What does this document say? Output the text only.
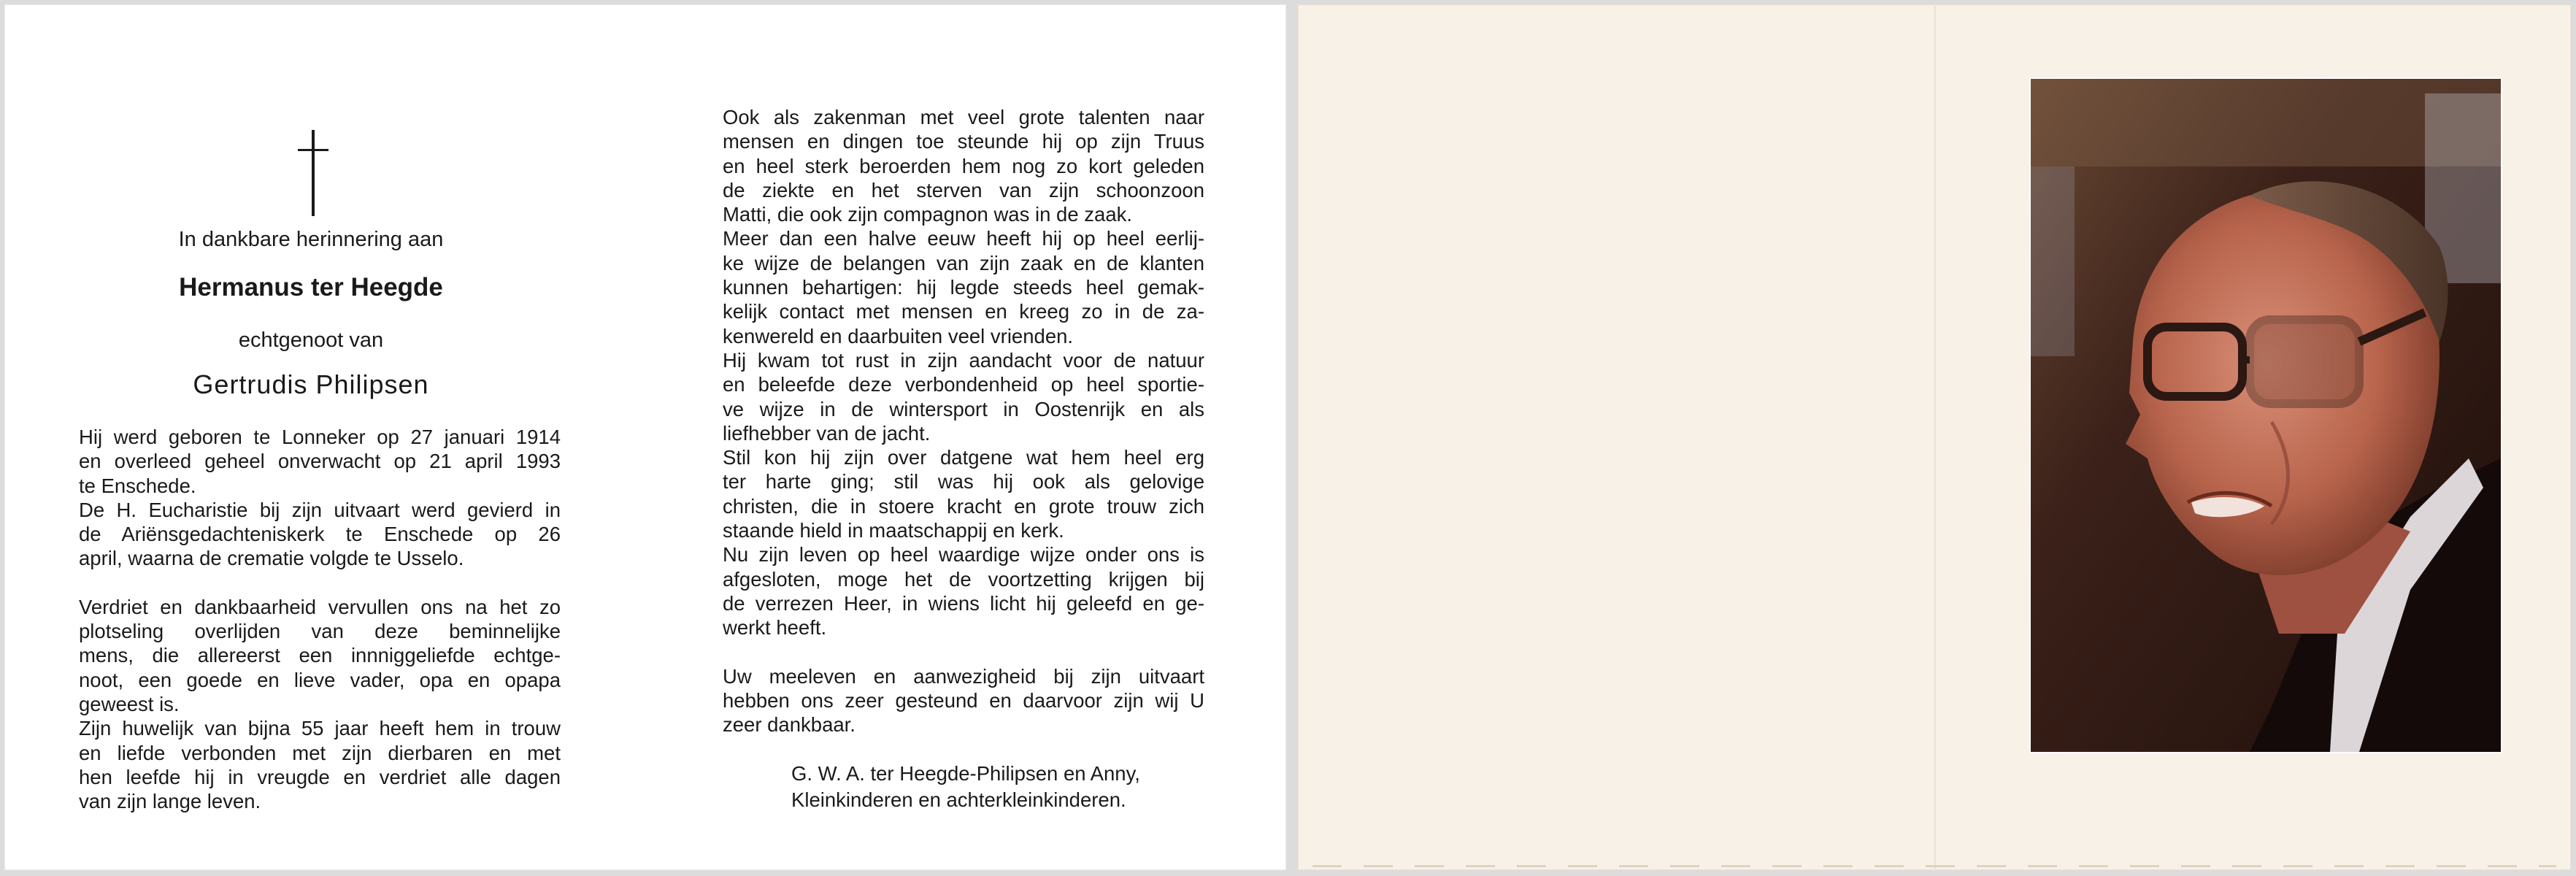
In dankbare herinnering aan
Hermanus ter Heegde
echtgenoot van
Gertrudis Philipsen
Hij werd geboren te Lonneker op 27 januari 1914
en overleed geheel onverwacht op 21 april 1993
te Enschede.
De H. Eucharistie bij zijn uitvaart werd gevierd in
de Ariënsgedachteniskerk te Enschede op 26
april, waarna de crematie volgde te Usselo.
Verdriet en dankbaarheid vervullen ons na het zo
plotseling overlijden van deze beminnelijke
mens, die allereerst een innniggeliefde echtge-
noot, een goede en lieve vader, opa en opapa
geweest is.
Zijn huwelijk van bijna 55 jaar heeft hem in trouw
en liefde verbonden met zijn dierbaren en met
hen leefde hij in vreugde en verdriet alle dagen
van zijn lange leven.
Ook als zakenman met veel grote talenten naar
mensen en dingen toe steunde hij op zijn Truus
en heel sterk beroerden hem nog zo kort geleden
de ziekte en het sterven van zijn schoonzoon
Matti, die ook zijn compagnon was in de zaak.
Meer dan een halve eeuw heeft hij op heel eerlij-
ke wijze de belangen van zijn zaak en de klanten
kunnen behartigen: hij legde steeds heel gemak-
kelijk contact met mensen en kreeg zo in de za-
kenwereld en daarbuiten veel vrienden.
Hij kwam tot rust in zijn aandacht voor de natuur
en beleefde deze verbondenheid op heel sportie-
ve wijze in de wintersport in Oostenrijk en als
liefhebber van de jacht.
Stil kon hij zijn over datgene wat hem heel erg
ter harte ging; stil was hij ook als gelovige
christen, die in stoere kracht en grote trouw zich
staande hield in maatschappij en kerk.
Nu zijn leven op heel waardige wijze onder ons is
afgesloten, moge het de voortzetting krijgen bij
de verrezen Heer, in wiens licht hij geleefd en ge-
werkt heeft.
Uw meeleven en aanwezigheid bij zijn uitvaart
hebben ons zeer gesteund en daarvoor zijn wij U
zeer dankbaar.
G. W. A. ter Heegde-Philipsen en Anny,
Kleinkinderen en achterkleinkinderen.
